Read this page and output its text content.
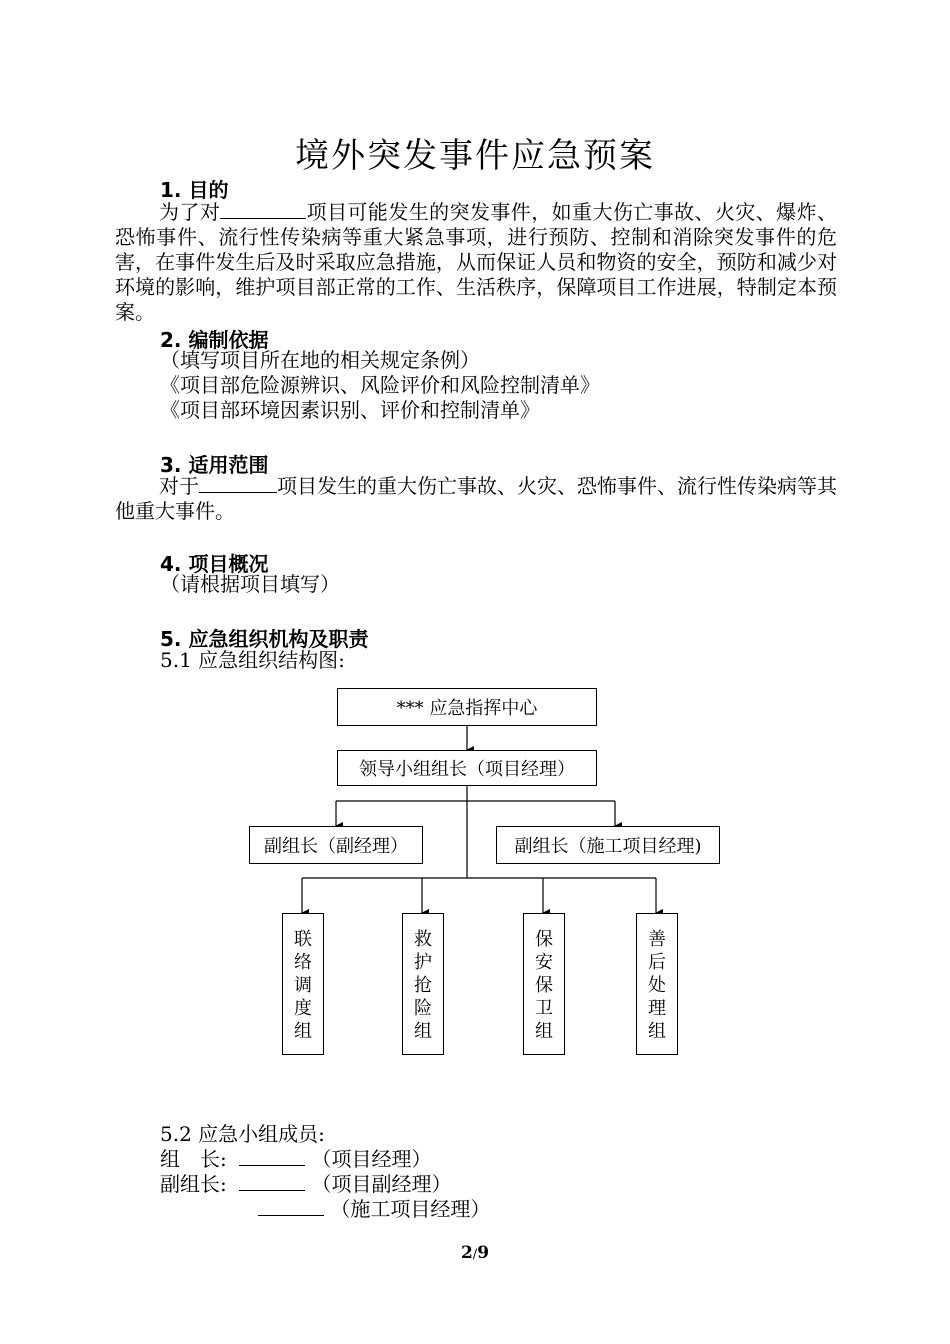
境外突发事件应急预案
1. 目的
为了对	项目可能发生的突发事件，如重大伤亡事故、火灾、爆炸、恐怖事件、流行性传染病等重大紧急事项，进行预防、控制和消除突发事件的危害，在事件发生后及时采取应急措施，从而保证人员和物资的安全，预防和减少对环境的影响，维护项目部正常的工作、生活秩序，保障项目工作进展，特制定本预案。
2. 编制依据
（填写项目所在地的相关规定条例）
《项目部危险源辨识、风险评价和风险控制清单》
《项目部环境因素识别、评价和控制清单》
3. 适用范围
对于	项目发生的重大伤亡事故、火灾、恐怖事件、流行性传染病等其他重大事件。
4. 项目概况
（请根据项目填写）
5. 应急组织机构及职责
5.1 应急组织结构图:
*** 应急指挥中心
领导小组组长（项目经理）
副组长（副经理）	副组长（施工项目经理)
联
络
调
度
组
救
护
抢
险
组
保
安
保
卫
组
善
后
处
理
组
5.2 应急小组成员:
组　长:	（项目经理）
副组长:	（项目副经理）
（施工项目经理）
2/9
